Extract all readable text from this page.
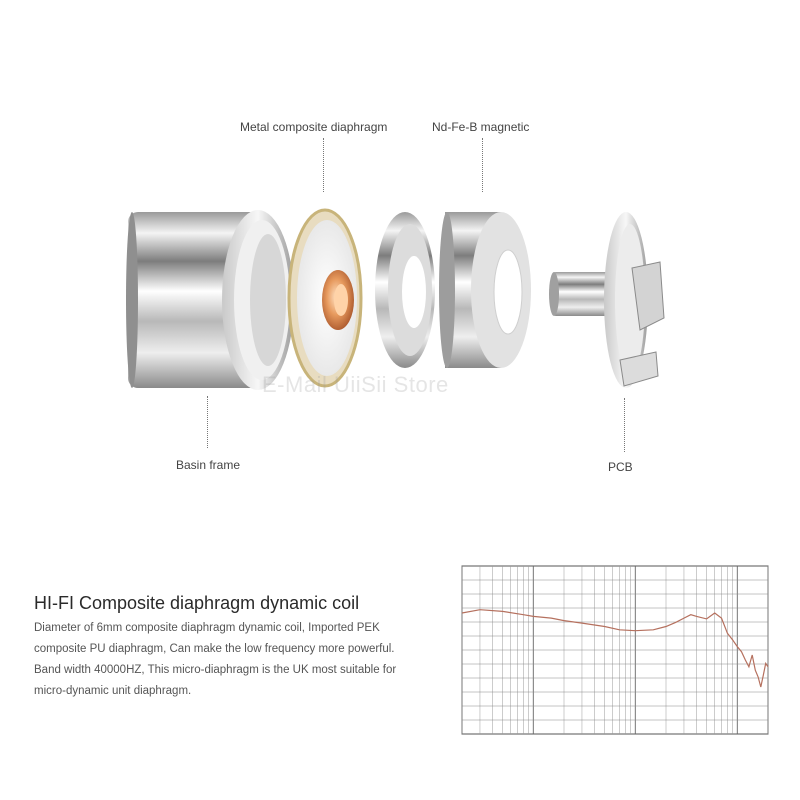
Metal composite diaphragm	Nd-Fe-B magnetic
Basin frame	PCB
E-Mail UiiSii Store
HI-FI Composite diaphragm dynamic coil
Diameter of 6mm composite diaphragm dynamic coil, Imported PEK composite PU diaphragm, Can make the low frequency more powerful. Band width 40000HZ, This micro-diaphragm is the UK most suitable for micro-dynamic unit diaphragm.
